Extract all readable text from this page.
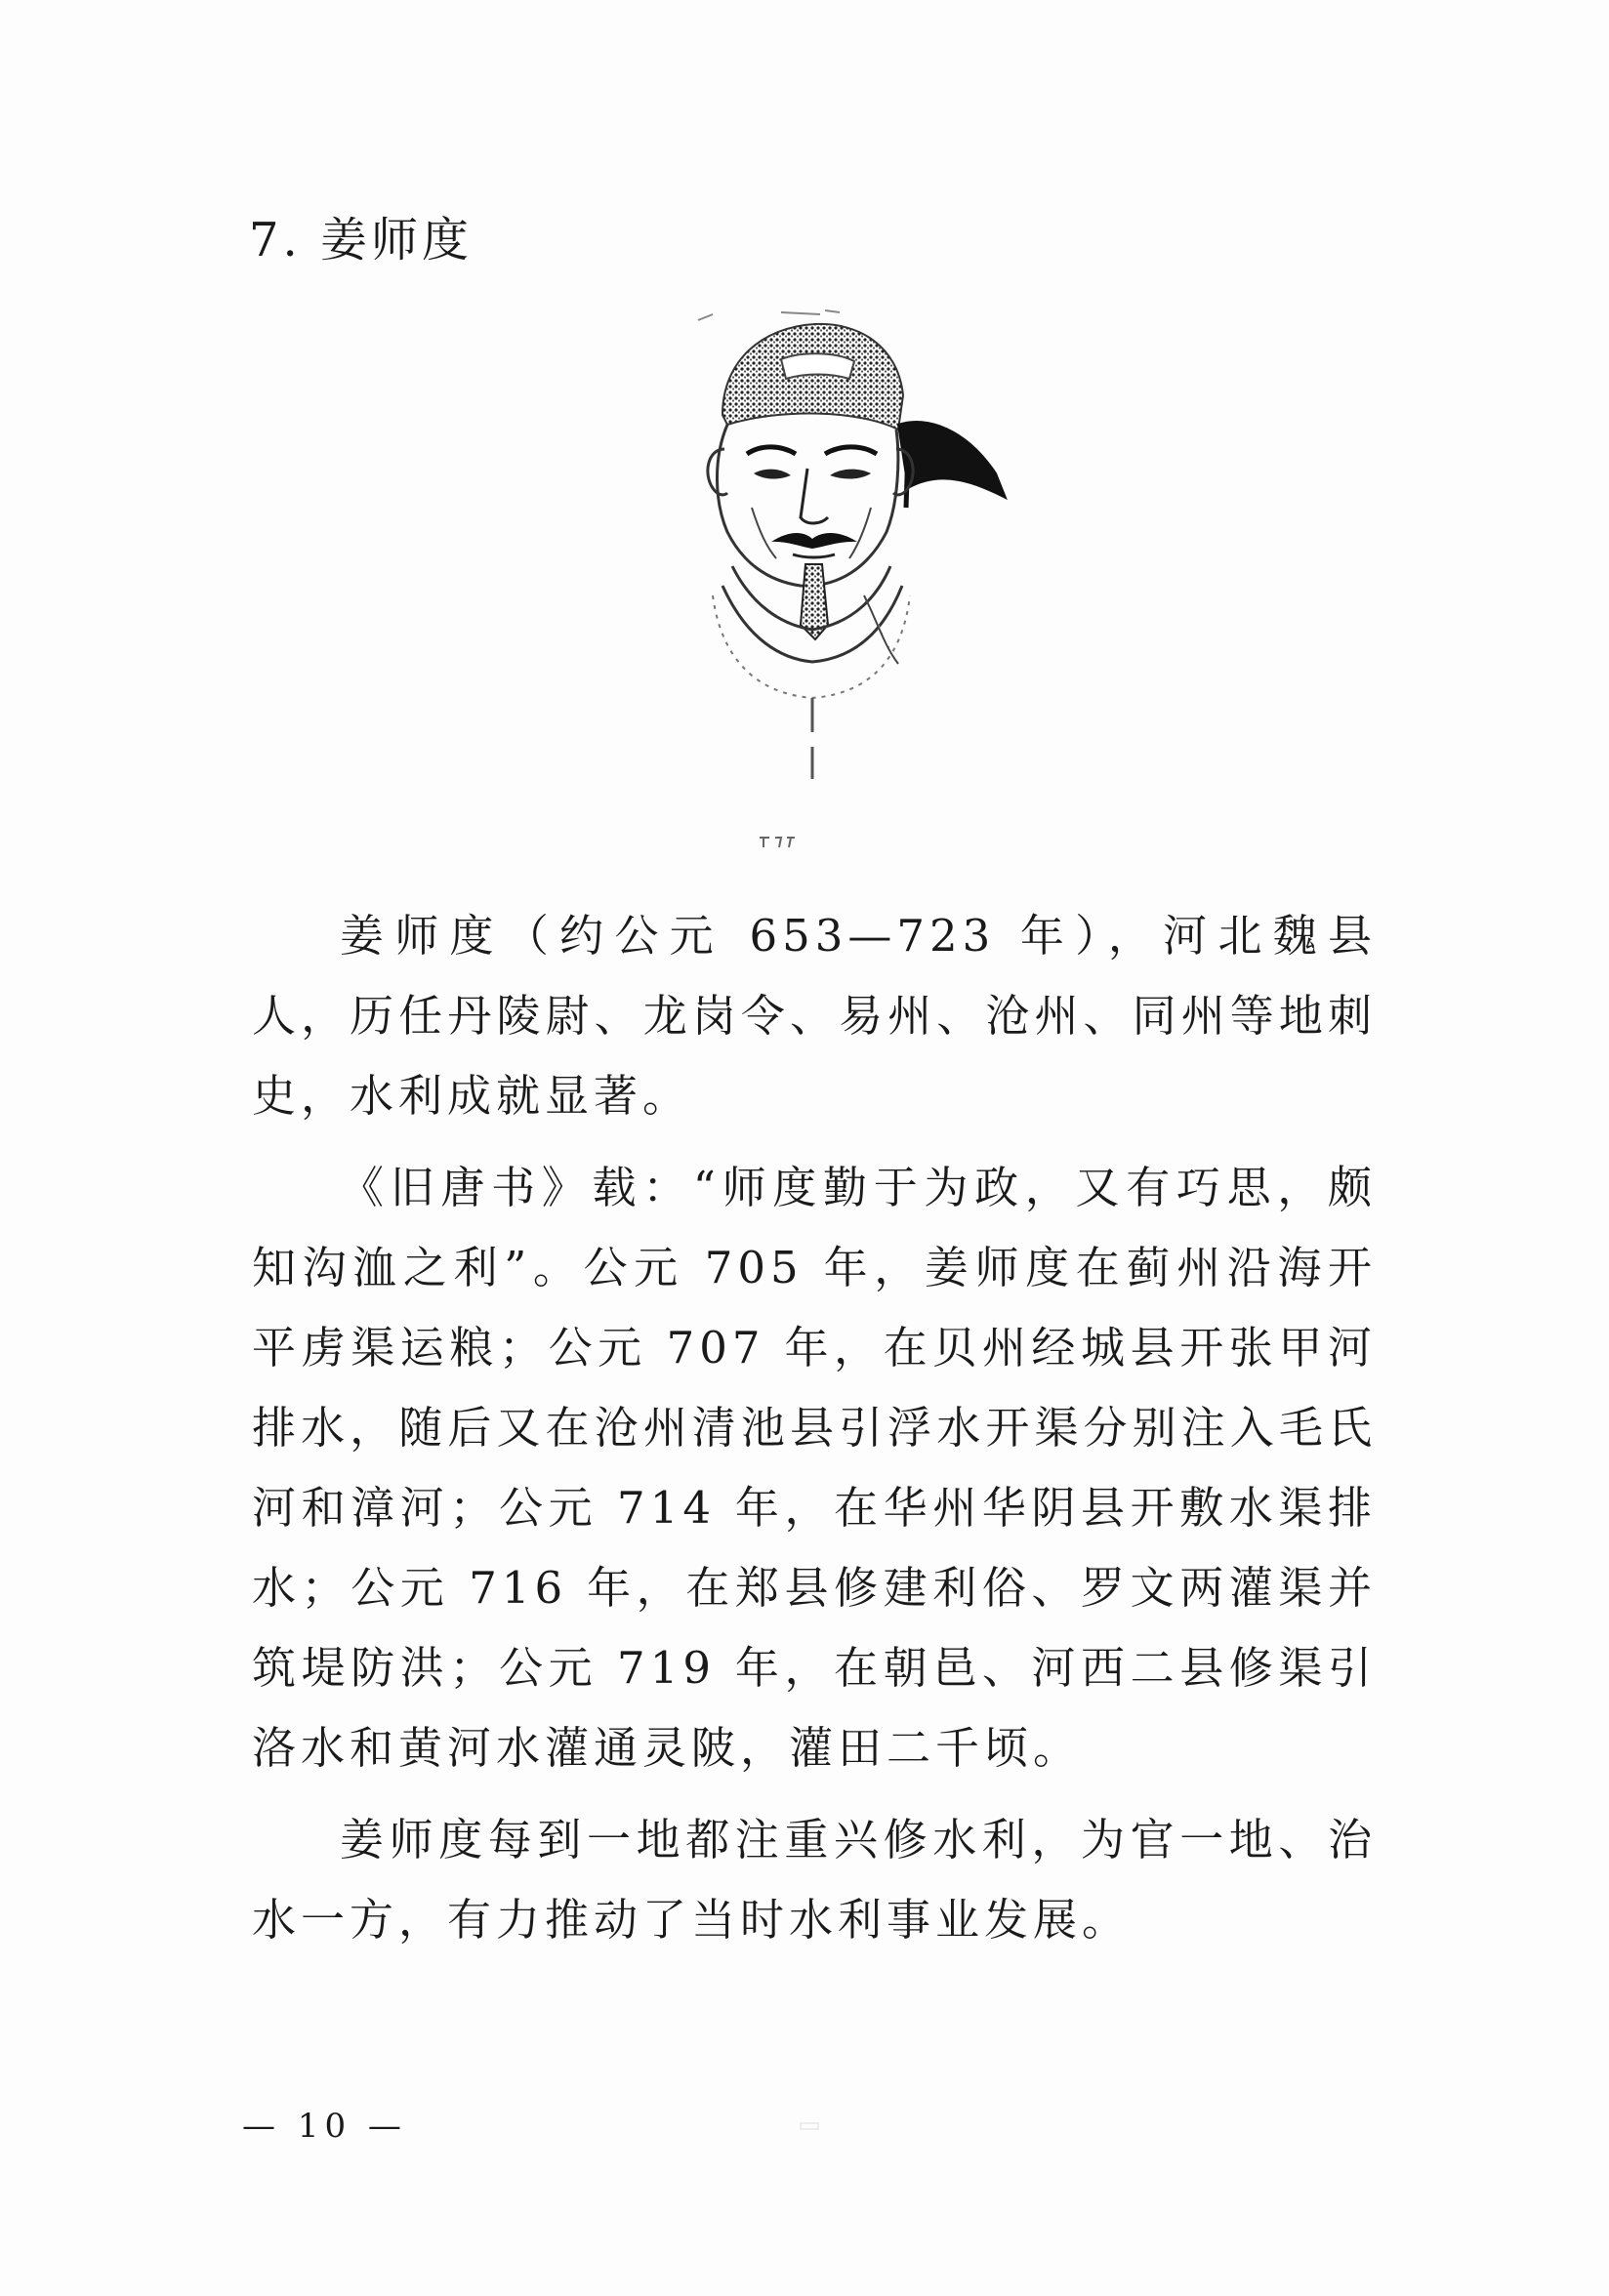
7. 姜师度

姜师度（约公元 653—723 年），河北魏县人，历任丹陵尉、龙岗令、易州、沧州、同州等地刺史，水利成就显著。

《旧唐书》载：“师度勤于为政，又有巧思，颇知沟洫之利”。公元 705 年，姜师度在蓟州沿海开平虏渠运粮；公元 707 年，在贝州经城县开张甲河排水，随后又在沧州清池县引浮水开渠分别注入毛氏河和漳河；公元 714 年，在华州华阴县开敷水渠排水；公元 716 年，在郑县修建利俗、罗文两灌渠并筑堤防洪；公元 719 年，在朝邑、河西二县修渠引洛水和黄河水灌通灵陂，灌田二千顷。

姜师度每到一地都注重兴修水利，为官一地、治水一方，有力推动了当时水利事业发展。

— 10 —
